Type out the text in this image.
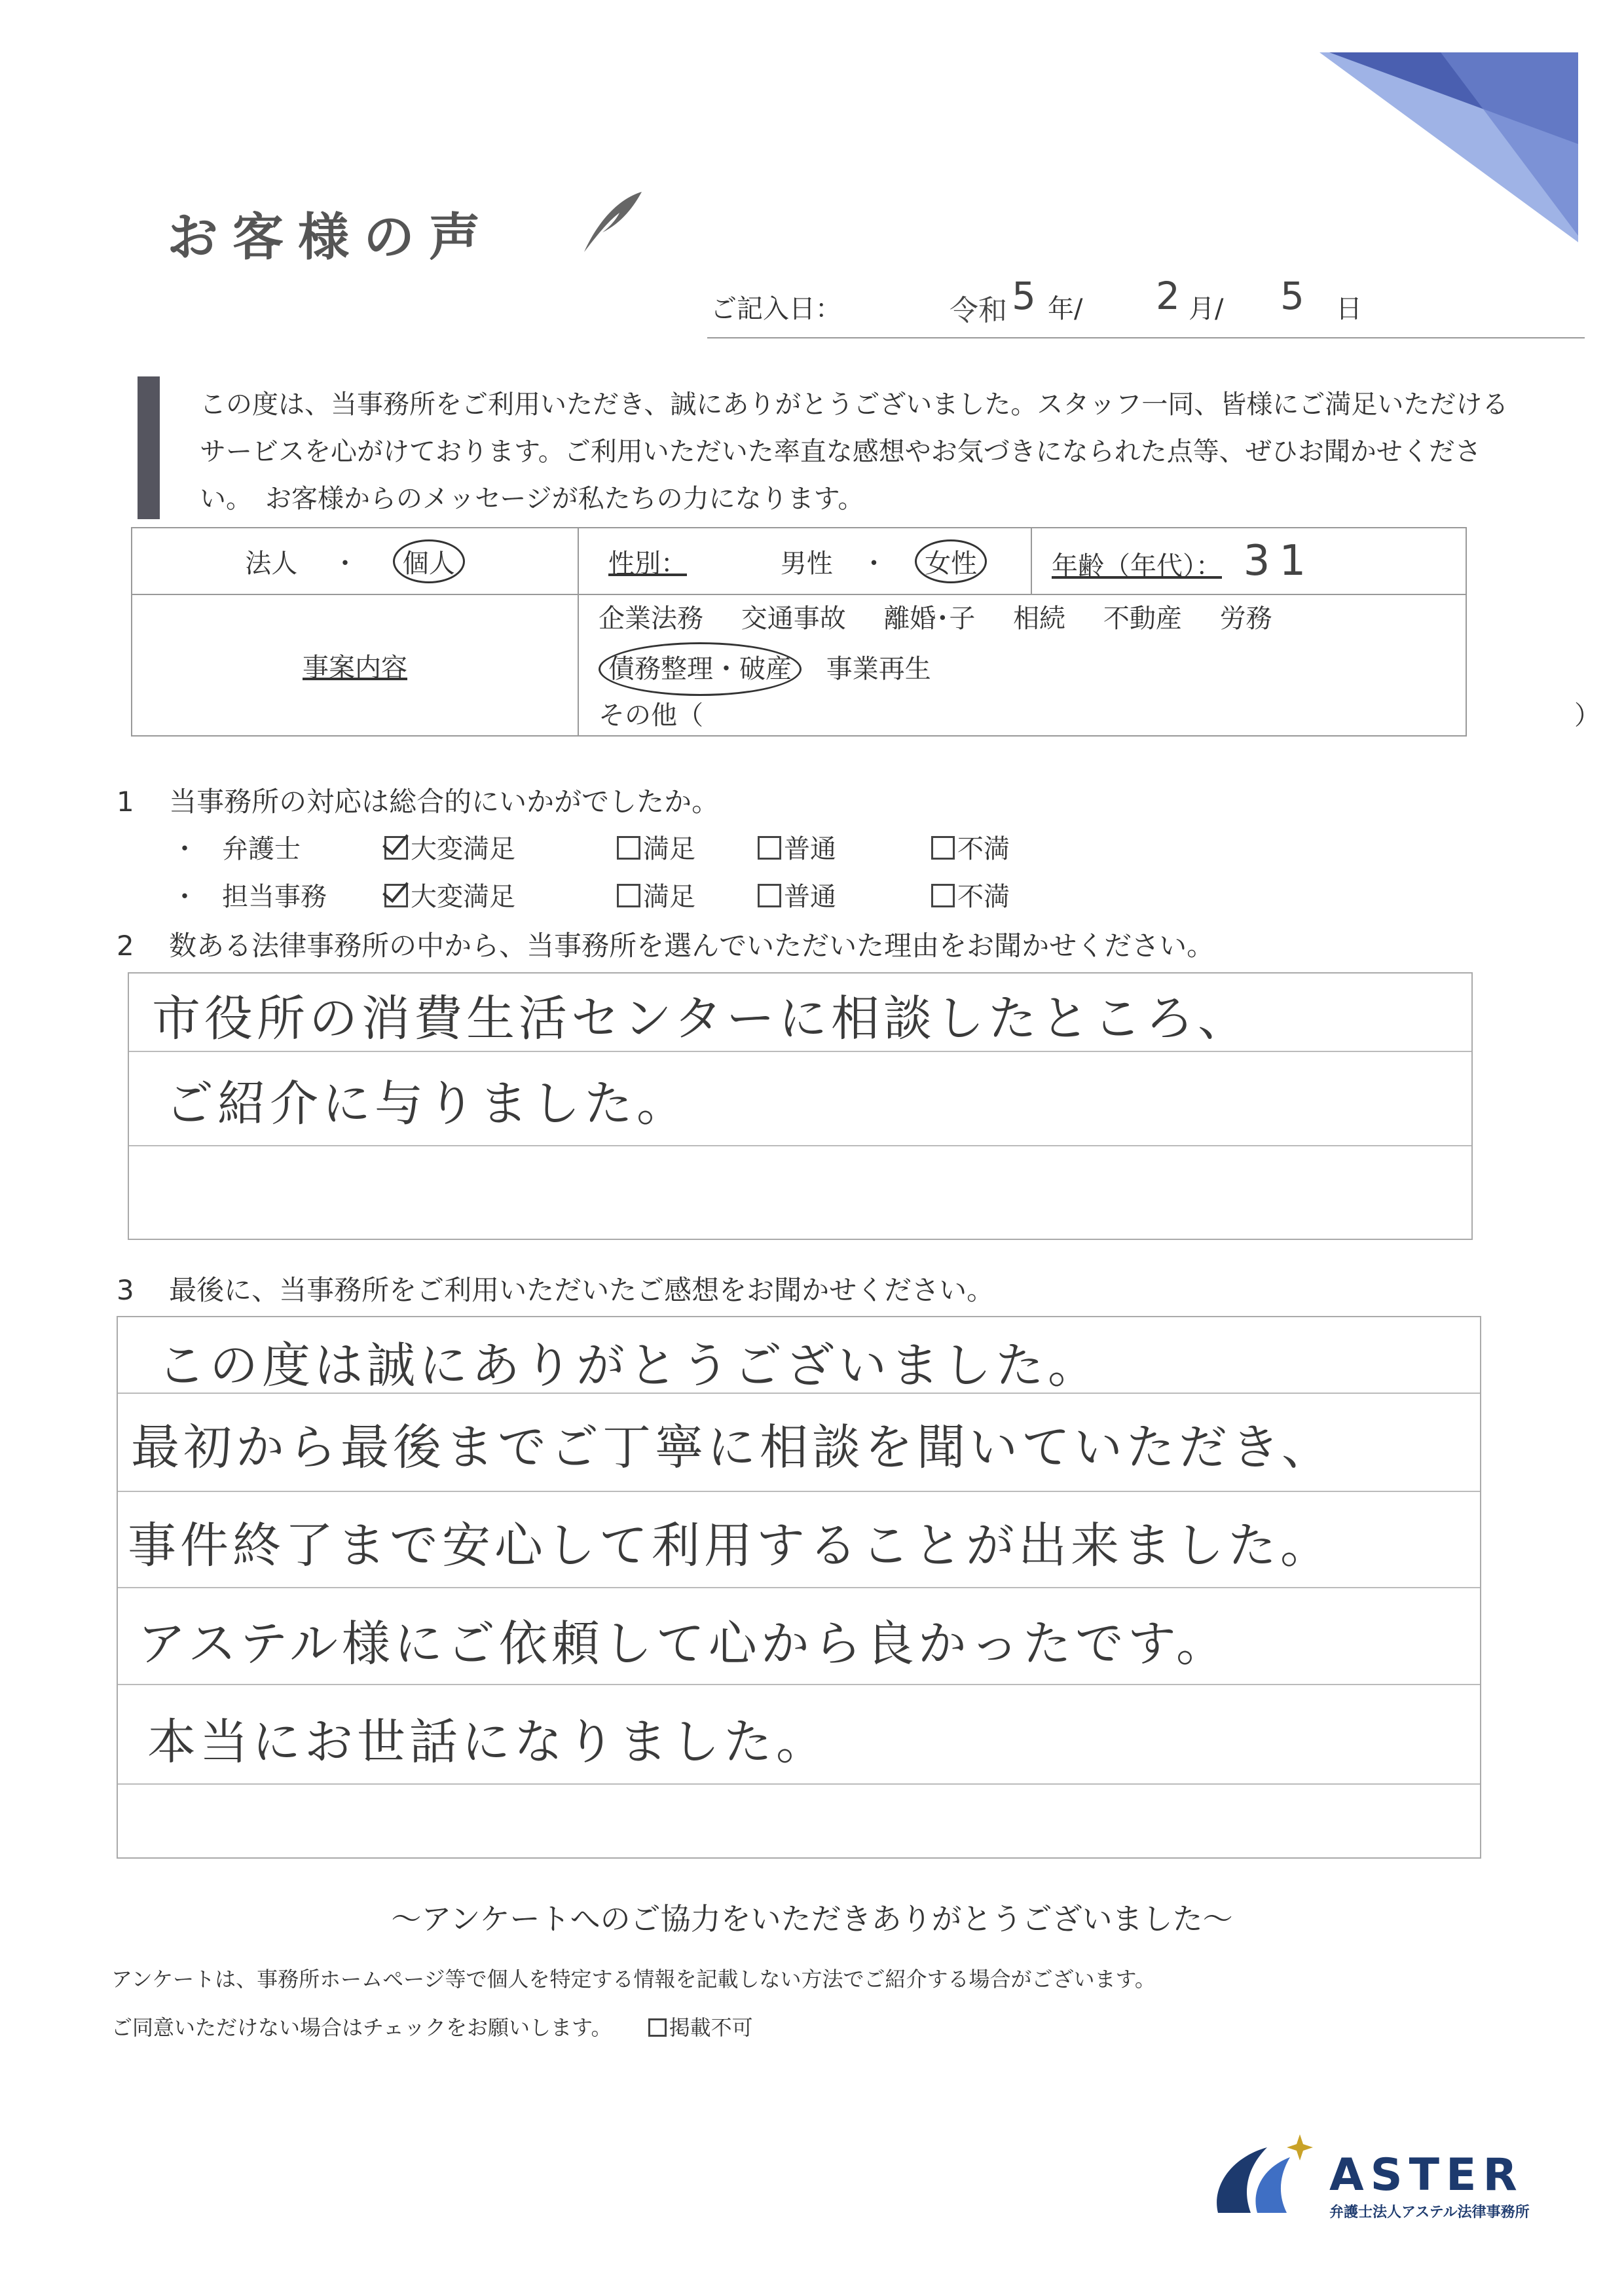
お客様の声
ご記入日：	令和 5 年/ 2 月/ 5 日
この度は、当事務所をご利用いただき、誠にありがとうございました。スタッフ一同、皆様にご満足いただけるサービスを心がけております。ご利用いただいた率直な感想やお気づきになられた点等、ぜひお聞かせください。　お客様からのメッセージが私たちの力になります。
法人 ・ 個人	性別： 男性 ・ 女性	年齢（年代）： 31
事案内容	企業法務 交通事故 離婚･子 相続 不動産 労務 債務整理・破産 事業再生
その他（ ）	
1 当事務所の対応は総合的にいかがでしたか。
・ 弁護士	大変満足	満足	普通	不満
・ 担当事務	大変満足	満足	普通	不満
2 数ある法律事務所の中から、当事務所を選んでいただいた理由をお聞かせください。
市役所の消費生活センターに相談したところ、
ご紹介に与りました。
3 最後に、当事務所をご利用いただいたご感想をお聞かせください。
この度は誠にありがとうございました。
最初から最後までご丁寧に相談を聞いていただき、
事件終了まで安心して利用することが出来ました。
アステル様にご依頼して心から良かったです。
本当にお世話になりました。
～アンケートへのご協力をいただきありがとうございました～
アンケートは、事務所ホームページ等で個人を特定する情報を記載しない方法でご紹介する場合がございます。
ご同意いただけない場合はチェックをお願いします。	掲載不可
ASTER
弁護士法人アステル法律事務所
